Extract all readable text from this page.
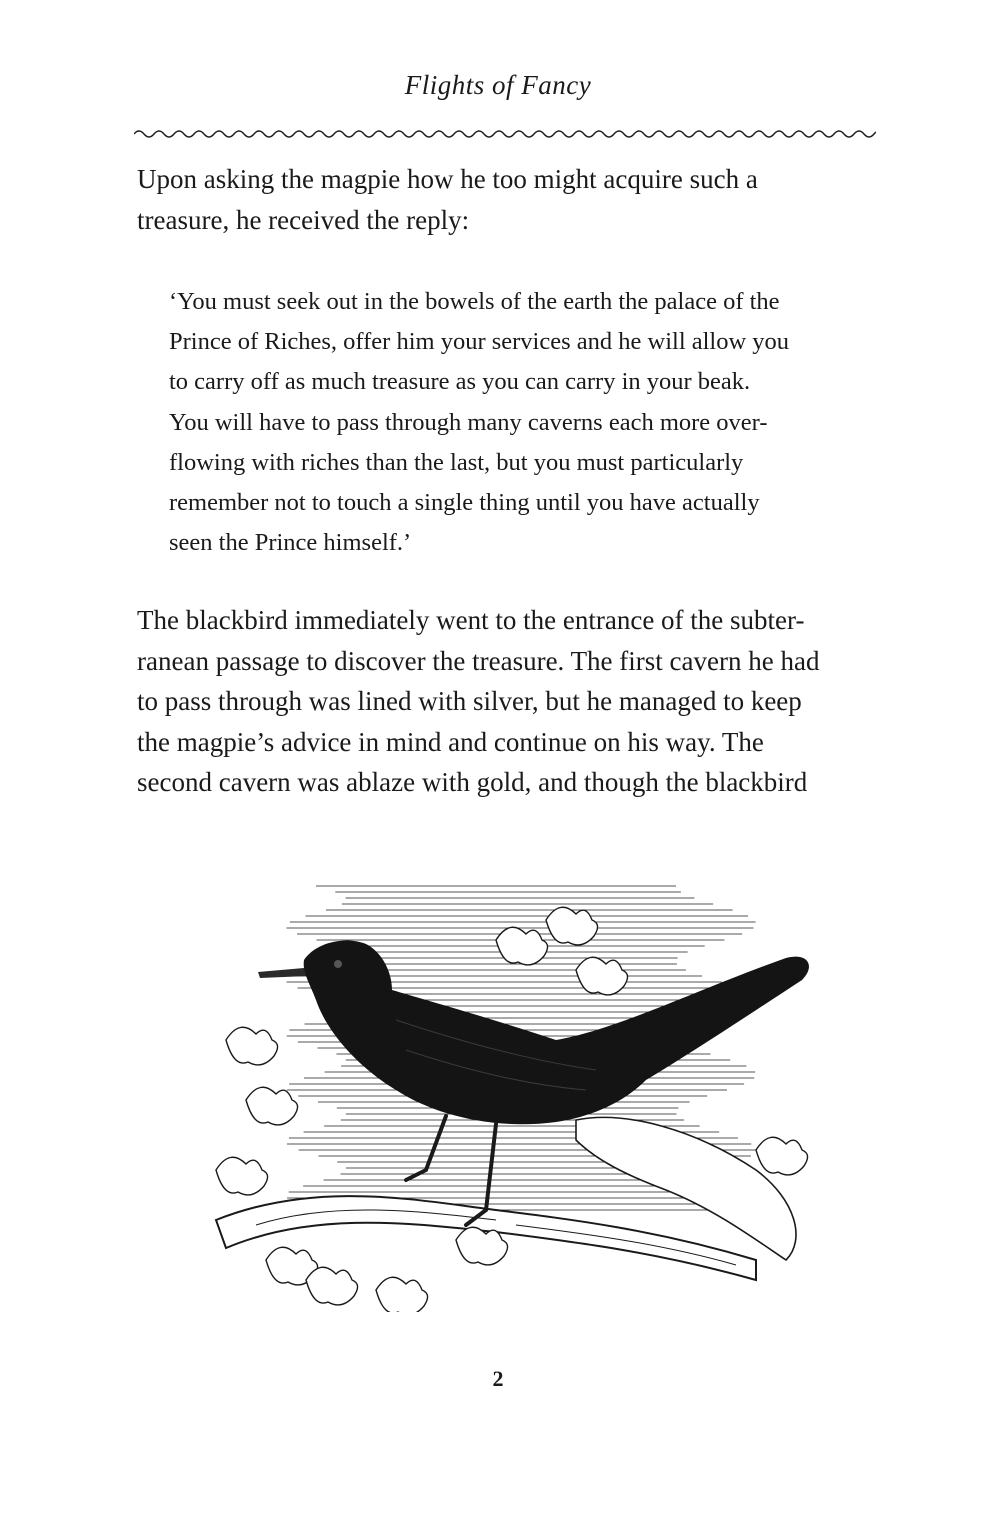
Flights of Fancy

Upon asking the magpie how he too might acquire such a
treasure, he received the reply:

‘You must seek out in the bowels of the earth the palace of the
Prince of Riches, offer him your services and he will allow you
to carry off as much treasure as you can carry in your beak.
You will have to pass through many caverns each more over-
flowing with riches than the last, but you must particularly
remember not to touch a single thing until you have actually
seen the Prince himself.’

The blackbird immediately went to the entrance of the subter-
ranean passage to discover the treasure. The first cavern he had
to pass through was lined with silver, but he managed to keep
the magpie’s advice in mind and continue on his way. The
second cavern was ablaze with gold, and though the blackbird

2
